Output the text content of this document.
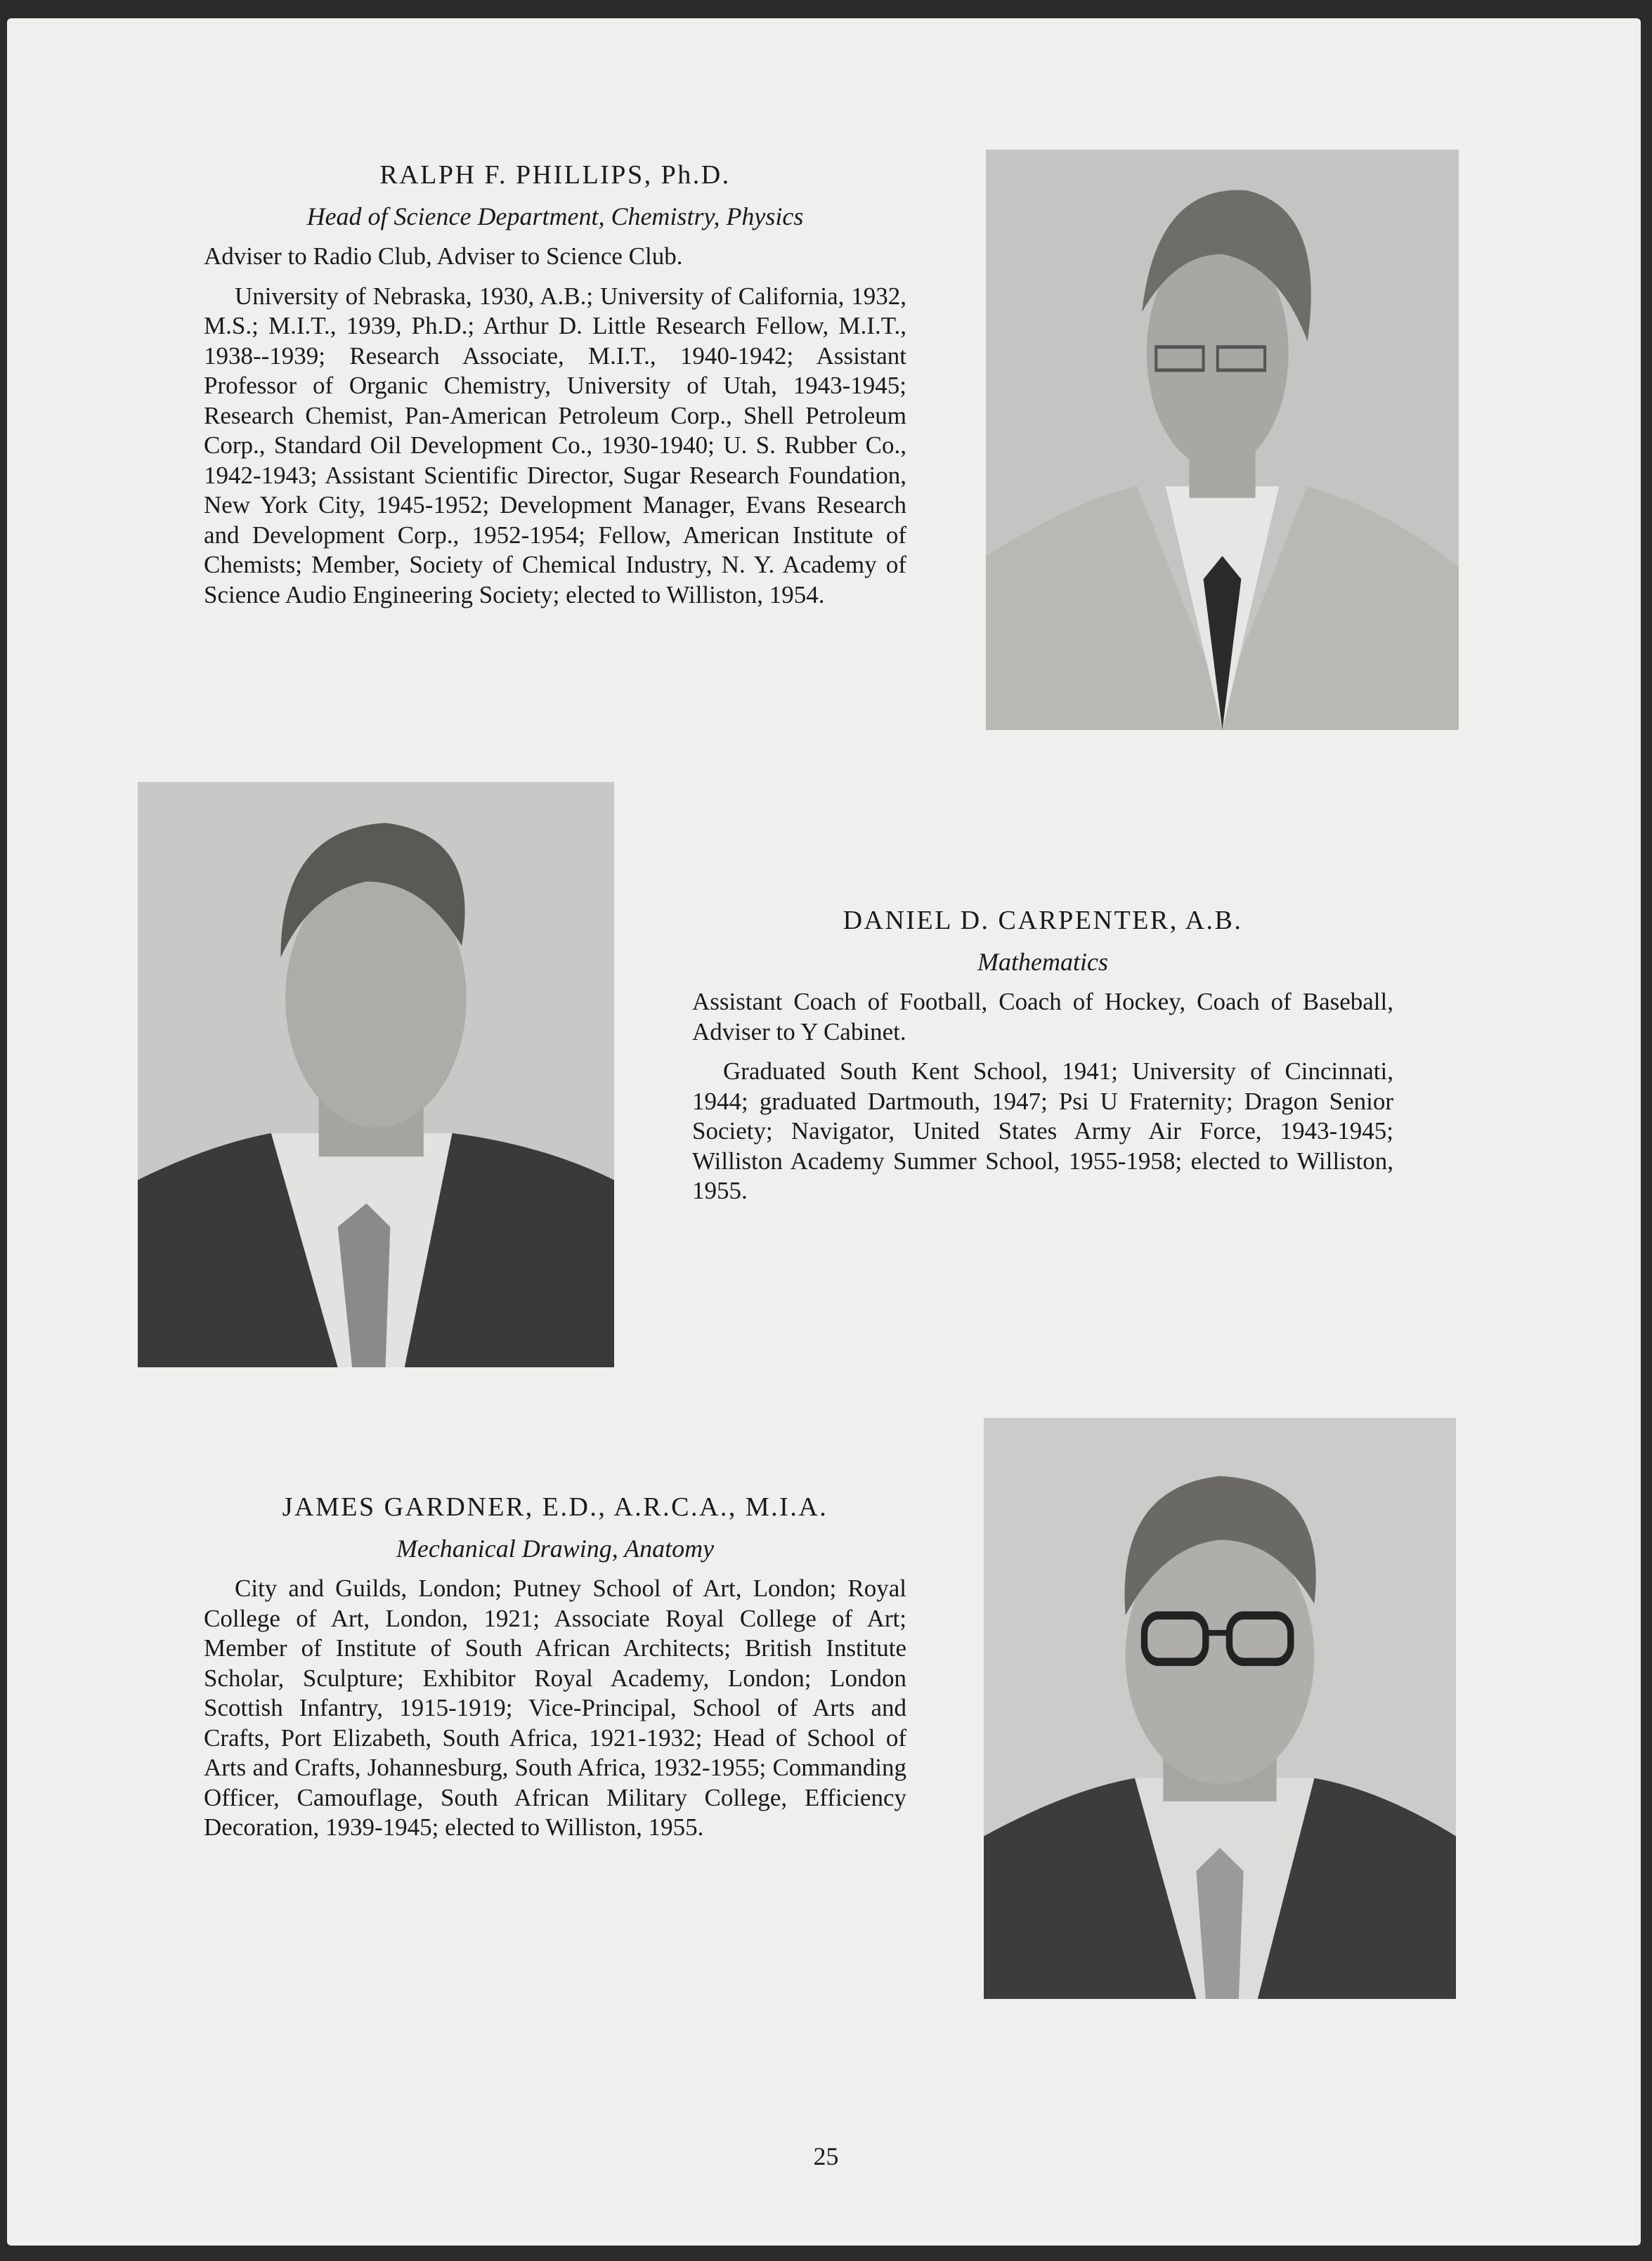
RALPH F. PHILLIPS, Ph.D.
Head of Science Department, Chemistry, Physics
Adviser to Radio Club, Adviser to Science Club.
University of Nebraska, 1930, A.B.; University of California, 1932, M.S.; M.I.T., 1939, Ph.D.; Arthur D. Little Research Fellow, M.I.T., 1938--1939; Research Associate, M.I.T., 1940-1942; Assistant Professor of Organic Chemistry, University of Utah, 1943-1945; Research Chemist, Pan-American Petroleum Corp., Shell Petroleum Corp., Standard Oil Development Co., 1930-1940; U. S. Rubber Co., 1942-1943; Assistant Scientific Director, Sugar Research Foundation, New York City, 1945-1952; Development Manager, Evans Research and Development Corp., 1952-1954; Fellow, American Institute of Chemists; Member, Society of Chemical Industry, N. Y. Academy of Science Audio Engineering Society; elected to Williston, 1954.
DANIEL D. CARPENTER, A.B.
Mathematics
Assistant Coach of Football, Coach of Hockey, Coach of Baseball, Adviser to Y Cabinet.
Graduated South Kent School, 1941; University of Cincinnati, 1944; graduated Dartmouth, 1947; Psi U Fraternity; Dragon Senior Society; Navigator, United States Army Air Force, 1943-1945; Williston Academy Summer School, 1955-1958; elected to Williston, 1955.
JAMES GARDNER, E.D., A.R.C.A., M.I.A.
Mechanical Drawing, Anatomy
City and Guilds, London; Putney School of Art, London; Royal College of Art, London, 1921; Associate Royal College of Art; Member of Institute of South African Architects; British Institute Scholar, Sculpture; Exhibitor Royal Academy, London; London Scottish Infantry, 1915-1919; Vice-Principal, School of Arts and Crafts, Port Elizabeth, South Africa, 1921-1932; Head of School of Arts and Crafts, Johannesburg, South Africa, 1932-1955; Commanding Officer, Camouflage, South African Military College, Efficiency Decoration, 1939-1945; elected to Williston, 1955.
25
